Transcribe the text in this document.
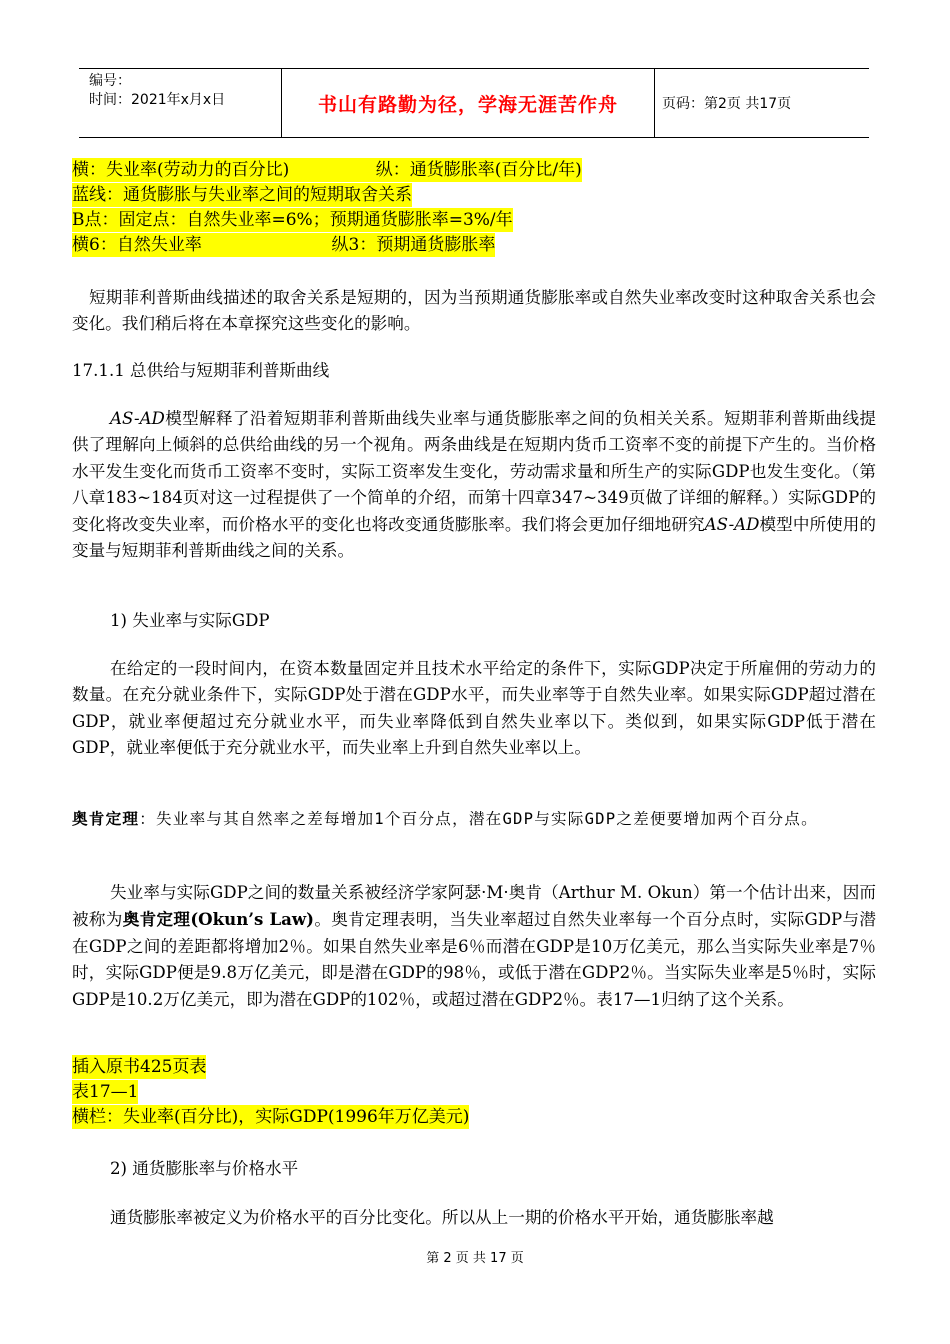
编号：
时间：2021年x月x日	书山有路勤为径，学海无涯苦作舟	页码：第2页 共17页
横：失业率(劳动力的百分比)                纵：通货膨胀率(百分比/年)
蓝线：通货膨胀与失业率之间的短期取舍关系
B点：固定点：自然失业率=6%；预期通货膨胀率=3%/年
横6：自然失业率                        纵3：预期通货膨胀率

短期菲利普斯曲线描述的取舍关系是短期的，因为当预期通货膨胀率或自然失业率改变时这种取舍关系也会变化。我们稍后将在本章探究这些变化的影响。

17.1.1 总供给与短期菲利普斯曲线

AS-AD模型解释了沿着短期菲利普斯曲线失业率与通货膨胀率之间的负相关关系。短期菲利普斯曲线提供了理解向上倾斜的总供给曲线的另一个视角。两条曲线是在短期内货币工资率不变的前提下产生的。当价格水平发生变化而货币工资率不变时，实际工资率发生变化，劳动需求量和所生产的实际GDP也发生变化。（第八章183~184页对这一过程提供了一个简单的介绍，而第十四章347~349页做了详细的解释。）实际GDP的变化将改变失业率，而价格水平的变化也将改变通货膨胀率。我们将会更加仔细地研究AS-AD模型中所使用的变量与短期菲利普斯曲线之间的关系。

1) 失业率与实际GDP

在给定的一段时间内，在资本数量固定并且技术水平给定的条件下，实际GDP决定于所雇佣的劳动力的数量。在充分就业条件下，实际GDP处于潜在GDP水平，而失业率等于自然失业率。如果实际GDP超过潜在GDP，就业率便超过充分就业水平，而失业率降低到自然失业率以下。类似到，如果实际GDP低于潜在GDP，就业率便低于充分就业水平，而失业率上升到自然失业率以上。

奥肯定理：失业率与其自然率之差每增加1个百分点，潜在GDP与实际GDP之差便要增加两个百分点。

失业率与实际GDP之间的数量关系被经济学家阿瑟·M·奥肯（Arthur M. Okun）第一个估计出来，因而被称为奥肯定理(Okun’s Law)。奥肯定理表明，当失业率超过自然失业率每一个百分点时，实际GDP与潜在GDP之间的差距都将增加2％。如果自然失业率是6％而潜在GDP是10万亿美元，那么当实际失业率是7％时，实际GDP便是9.8万亿美元，即是潜在GDP的98％，或低于潜在GDP2％。当实际失业率是5％时，实际GDP是10.2万亿美元，即为潜在GDP的102％，或超过潜在GDP2％。表17—1归纳了这个关系。

插入原书425页表
表17—1
横栏：失业率(百分比)，实际GDP(1996年万亿美元)

2) 通货膨胀率与价格水平

通货膨胀率被定义为价格水平的百分比变化。所以从上一期的价格水平开始，通货膨胀率越

第 2 页 共 17 页
